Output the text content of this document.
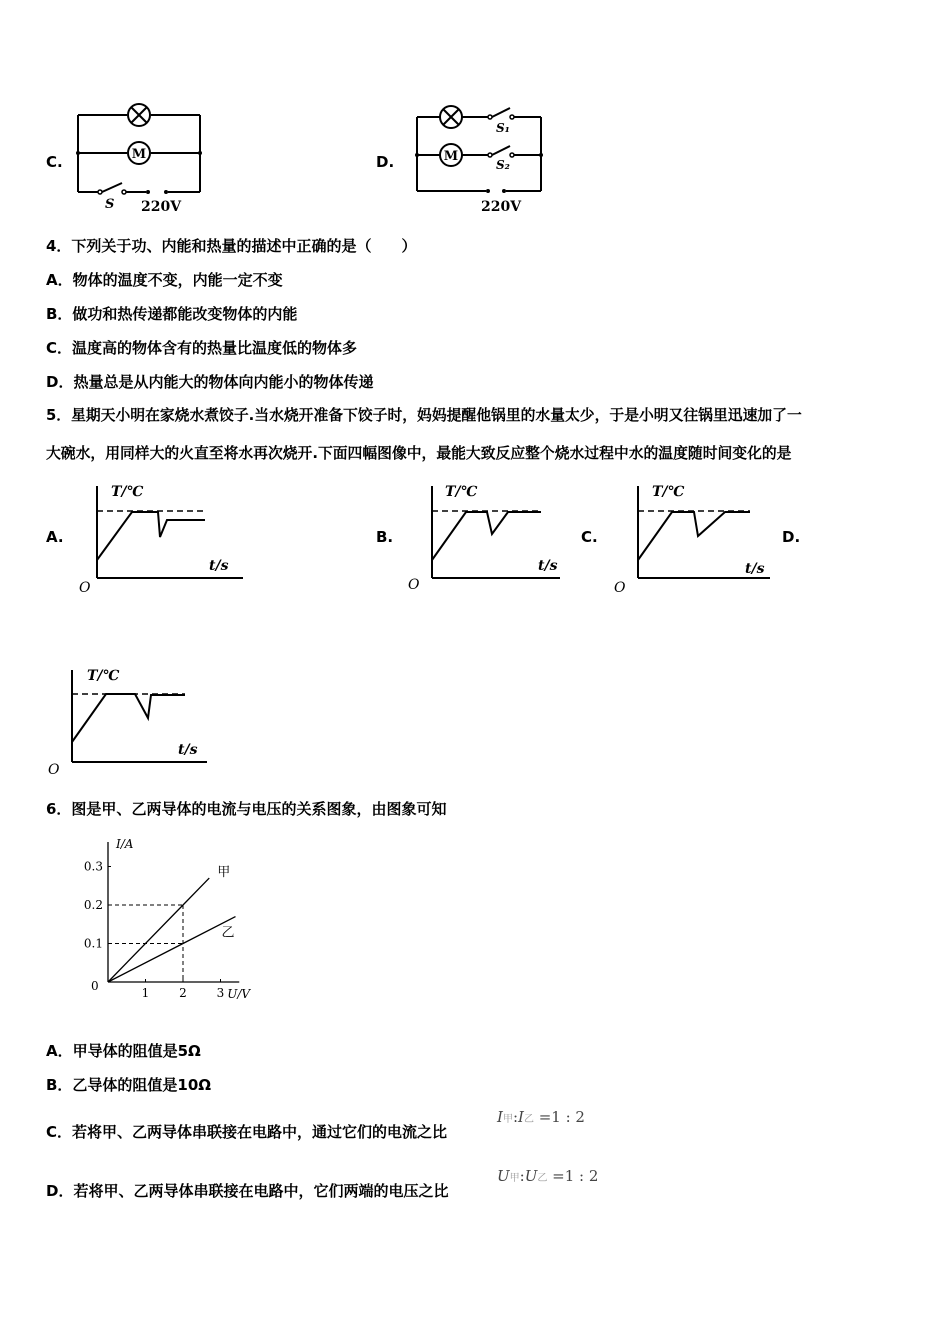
C.	M
S 220V
D.	M
S₁
S₂
220V
4．下列关于功、内能和热量的描述中正确的是（　　）
A．物体的温度不变，内能一定不变
B．做功和热传递都能改变物体的内能
C．温度高的物体含有的热量比温度低的物体多
D．热量总是从内能大的物体向内能小的物体传递
5．星期天小明在家烧水煮饺子.当水烧开准备下饺子时，妈妈提醒他锅里的水量太少，于是小明又往锅里迅速加了一
大碗水，用同样大的火直至将水再次烧开.下面四幅图像中，最能大致反应整个烧水过程中水的温度随时间变化的是
A.	B.	C.	D.
T/℃
t/s
O
T/℃
t/s
O
T/℃
t/s
O
T/℃
t/s
O
6．图是甲、乙两导体的电流与电压的关系图象，由图象可知
I/A
U/V
0	1 2 3
0.1
0.2
0.3	甲
乙
A．甲导体的阻值是5Ω
B．乙导体的阻值是10Ω
C．若将甲、乙两导体串联接在电路中，通过它们的电流之比
I甲:I乙 =1 : 2
D．若将甲、乙两导体串联接在电路中，它们两端的电压之比
U甲:U乙 =1 : 2
